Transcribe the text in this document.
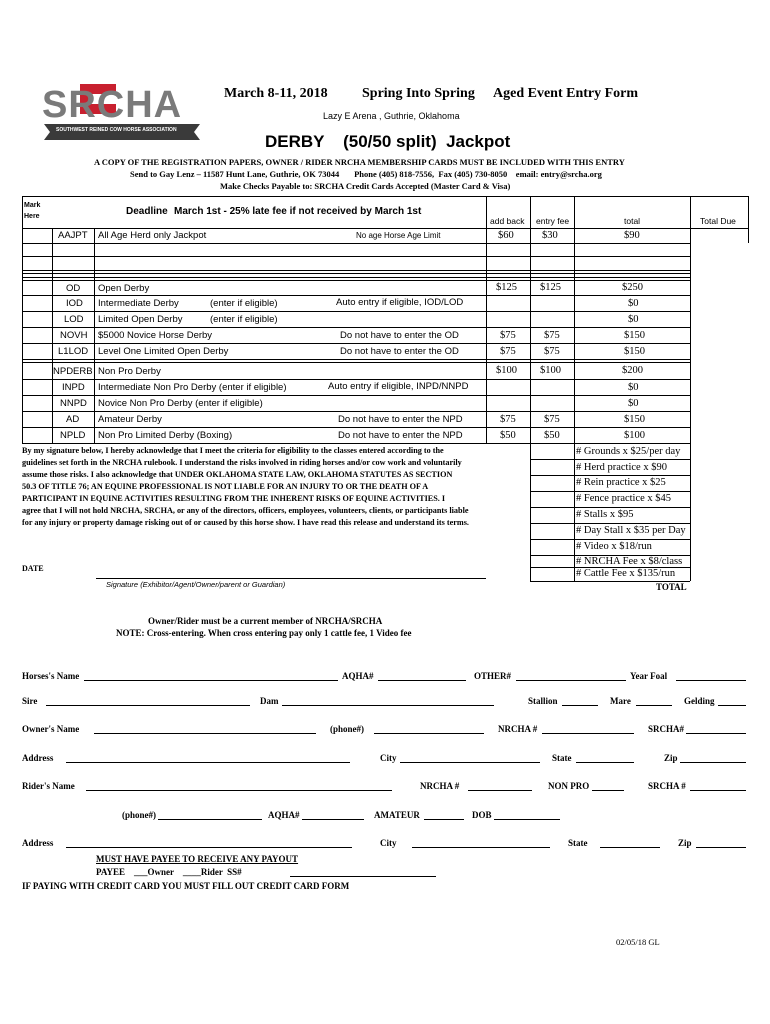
SRCHA
SOUTHWEST REINED COW HORSE ASSOCIATION
March 8-11, 2018 Spring Into Spring Aged Event Entry Form
Lazy E Arena , Guthrie, Oklahoma
DERBY    (50/50 split)  Jackpot
A COPY OF THE REGISTRATION PAPERS, OWNER / RIDER NRCHA MEMBERSHIP CARDS MUST BE INCLUDED WITH THIS ENTRY
Send to Gay Lenz – 11587 Hunt Lane, Guthrie, OK 73044       Phone (405) 818-7556,  Fax (405) 730-8050    email: entry@srcha.org
Make Checks Payable to: SRCHA Credit Cards Accepted (Master Card & Visa)
Mark Here	Deadline March 1st - 25% late fee if not received by March 1st
add back entry fee	total	Total Due
AAJPT All Age Herd only Jackpot	No age Horse Age Limit	$60	$30	$90
OD Open Derby	$125 $125	$250
IOD Intermediate Derby	(enter if eligible)	Auto entry if eligible, IOD/LOD	$0
LOD Limited Open Derby	(enter if eligible)	$0
NOVH $5000 Novice Horse Derby	Do not have to enter the OD	$75	$75	$150
L1LOD Level One Limited Open Derby	Do not have to enter the OD	$75	$75	$150
NPDERB Non Pro Derby	$100 $100	$200
INPD Intermediate Non Pro Derby (enter if eligible)	Auto entry if eligible, INPD/NNPD	$0
NNPD Novice Non Pro Derby (enter if eligible)	$0
AD Amateur Derby	Do not have to enter the NPD	$75	$75	$150
NPLD Non Pro Limited Derby (Boxing)	Do not have to enter the NPD	$50	$50	$100
By my signature below, I hereby acknowledge that I meet the criteria for eligibility to the classes entered according to the
guidelines set forth in the NRCHA rulebook. I understand the risks involved in riding horses and/or cow work and voluntarily
assume those risks. I also acknowledge that UNDER OKLAHOMA STATE LAW, OKLAHOMA STATUTES AS SECTION
50.3 OF TITLE 76; AN EQUINE PROFESSIONAL IS NOT LIABLE FOR AN INJURY TO OR THE DEATH OF A
PARTICIPANT IN EQUINE ACTIVITIES RESULTING FROM THE INHERENT RISKS OF EQUINE ACTIVITIES. I
agree that I will not hold NRCHA, SRCHA, or any of the directors, officers, employees, volunteers, clients, or participants liable
for any injury or property damage risking out of or caused by this horse show. I have read this release and understand its terms.
DATE
Signature (Exhibitor/Agent/Owner/parent or Guardian)
# Grounds x $25/per day
# Herd practice x $90
# Rein practice x $25
# Fence practice x $45
# Stalls x $95
# Day Stall x $35 per Day
# Video x $18/run
# NRCHA Fee x $8/class
# Cattle Fee x $135/run
TOTAL
Owner/Rider must be a current member of NRCHA/SRCHA
NOTE: Cross-entering. When cross entering pay only 1 cattle fee, 1 Video fee
Horses's Name	AQHA#	OTHER#	Year Foal
Sire	Dam	Stallion	Mare	Gelding
Owner's Name	(phone#)	NRCHA #	SRCHA#
Address	City	State	Zip
Rider's Name	NRCHA #	NON PRO	SRCHA #
(phone#)	AQHA#	AMATEUR	DOB
Address	City	State	Zip
MUST HAVE PAYEE TO RECEIVE ANY PAYOUT
PAYEE    ___Owner    ____Rider  SS#
IF PAYING WITH CREDIT CARD YOU MUST FILL OUT CREDIT CARD FORM
02/05/18 GL
